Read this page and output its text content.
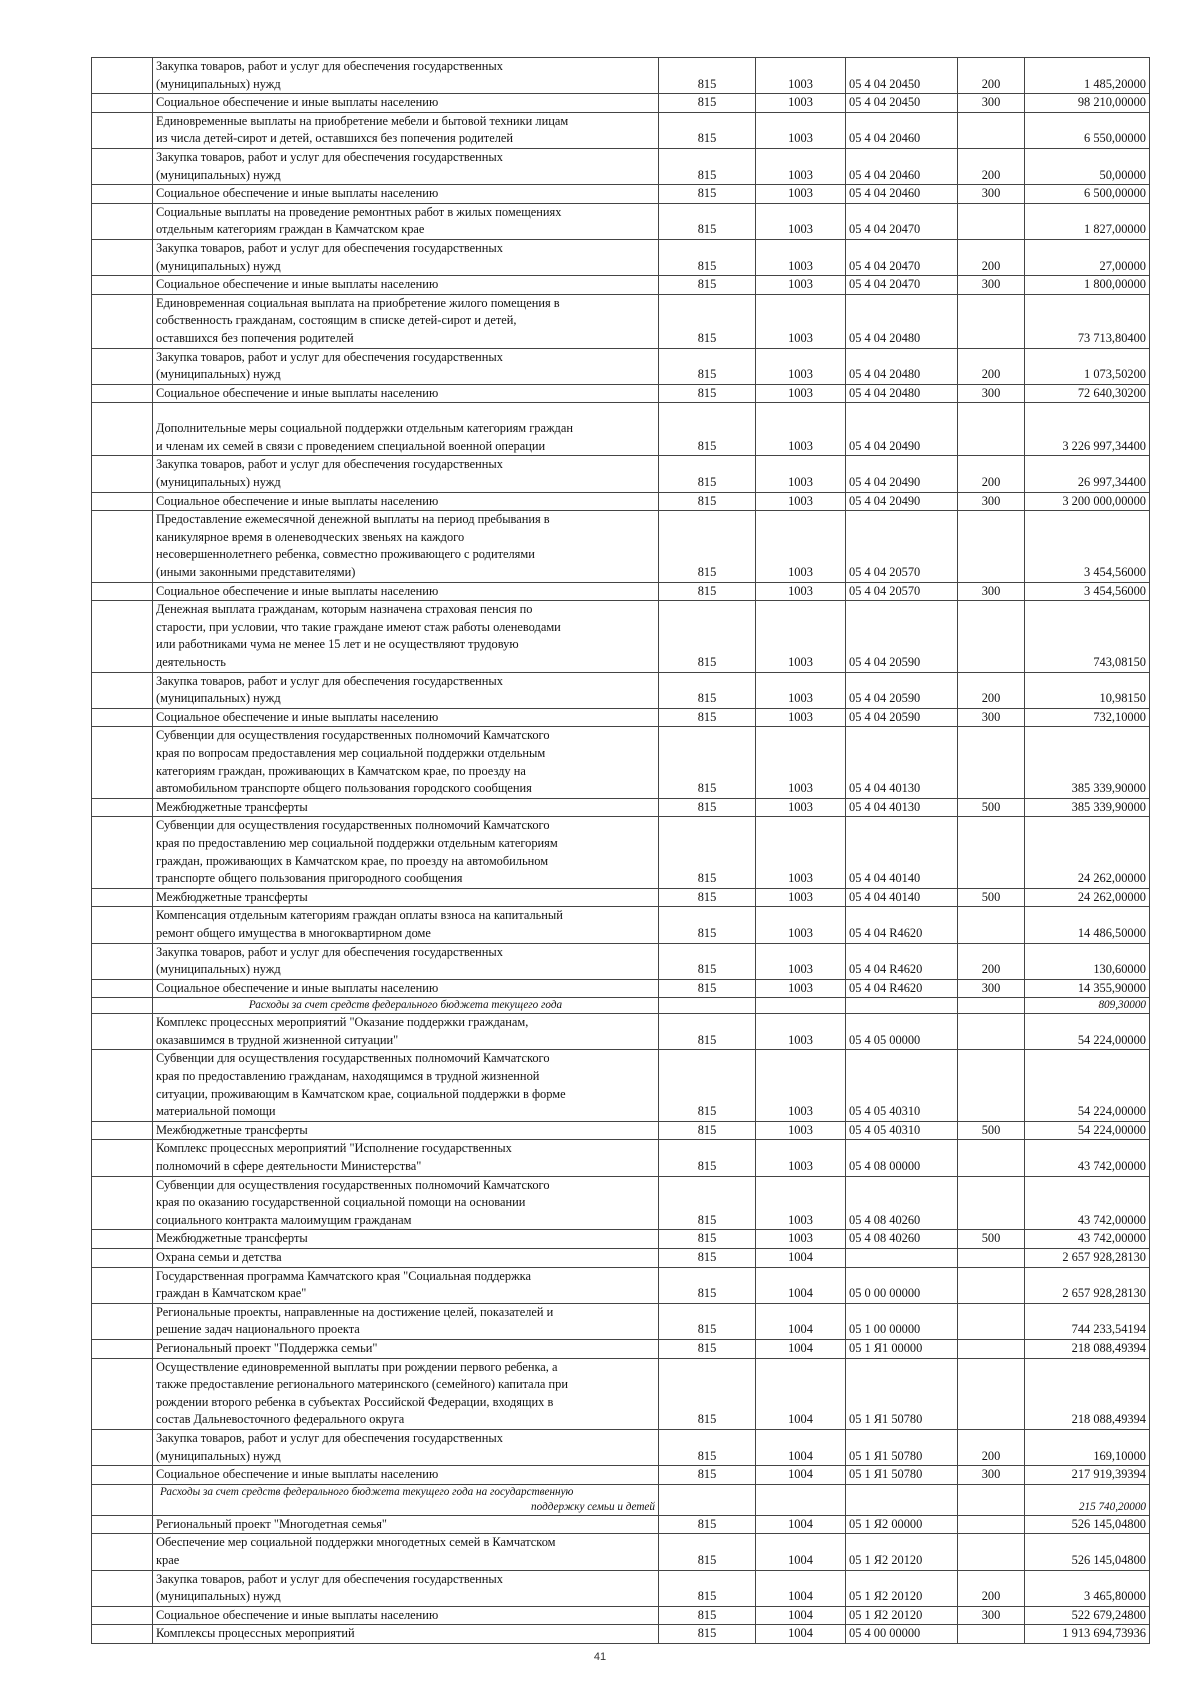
	Закупка товаров, работ и услуг для обеспечения государственных
(муниципальных) нужд	815	1003	05 4 04 20450	200	1 485,20000

	Социальное обеспечение и иные выплаты населению	815	1003	05 4 04 20450	300	98 210,00000

	Единовременные выплаты на приобретение мебели и бытовой техники лицам
из числа детей-сирот и детей, оставшихся без попечения родителей	815	1003	05 4 04 20460		6 550,00000

	Закупка товаров, работ и услуг для обеспечения государственных
(муниципальных) нужд	815	1003	05 4 04 20460	200	50,00000

	Социальное обеспечение и иные выплаты населению	815	1003	05 4 04 20460	300	6 500,00000

	Социальные выплаты на проведение ремонтных работ в жилых помещениях
отдельным категориям граждан в Камчатском крае	815	1003	05 4 04 20470		1 827,00000

	Закупка товаров, работ и услуг для обеспечения государственных
(муниципальных) нужд	815	1003	05 4 04 20470	200	27,00000

	Социальное обеспечение и иные выплаты населению	815	1003	05 4 04 20470	300	1 800,00000

	Единовременная социальная выплата на приобретение жилого помещения в
собственность гражданам, состоящим в списке детей-сирот и детей,
оставшихся без попечения родителей	815	1003	05 4 04 20480		73 713,80400

	Закупка товаров, работ и услуг для обеспечения государственных
(муниципальных) нужд	815	1003	05 4 04 20480	200	1 073,50200

	Социальное обеспечение и иные выплаты населению	815	1003	05 4 04 20480	300	72 640,30200

	Дополнительные меры социальной поддержки отдельным категориям граждан
и членам их семей в связи с проведением специальной военной операции	815	1003	05 4 04 20490		3 226 997,34400

	Закупка товаров, работ и услуг для обеспечения государственных
(муниципальных) нужд	815	1003	05 4 04 20490	200	26 997,34400

	Социальное обеспечение и иные выплаты населению	815	1003	05 4 04 20490	300	3 200 000,00000

	Предоставление ежемесячной денежной выплаты на период пребывания в
каникулярное время в оленеводческих звеньях на каждого
несовершеннолетнего ребенка, совместно проживающего с родителями
(иными законными представителями)	815	1003	05 4 04 20570		3 454,56000

	Социальное обеспечение и иные выплаты населению	815	1003	05 4 04 20570	300	3 454,56000

	Денежная выплата гражданам, которым назначена страховая пенсия по
старости, при условии, что такие граждане имеют стаж работы оленеводами
или работниками чума не менее 15 лет и не осуществляют трудовую
деятельность	815	1003	05 4 04 20590		743,08150

	Закупка товаров, работ и услуг для обеспечения государственных
(муниципальных) нужд	815	1003	05 4 04 20590	200	10,98150

	Социальное обеспечение и иные выплаты населению	815	1003	05 4 04 20590	300	732,10000

	Субвенции для осуществления государственных полномочий Камчатского
края по вопросам предоставления мер социальной поддержки отдельным
категориям граждан, проживающих в Камчатском крае, по проезду на
автомобильном транспорте общего пользования городского сообщения	815	1003	05 4 04 40130		385 339,90000

	Межбюджетные трансферты	815	1003	05 4 04 40130	500	385 339,90000

	Субвенции для осуществления государственных полномочий Камчатского
края по предоставлению мер социальной поддержки отдельным категориям
граждан, проживающих в Камчатском крае, по проезду на автомобильном
транспорте общего пользования пригородного сообщения	815	1003	05 4 04 40140		24 262,00000

	Межбюджетные трансферты	815	1003	05 4 04 40140	500	24 262,00000

	Компенсация отдельным категориям граждан оплаты взноса на капитальный
ремонт общего имущества в многоквартирном доме	815	1003	05 4 04 R4620		14 486,50000

	Закупка товаров, работ и услуг для обеспечения государственных
(муниципальных) нужд	815	1003	05 4 04 R4620	200	130,60000

	Социальное обеспечение и иные выплаты населению	815	1003	05 4 04 R4620	300	14 355,90000

	Расходы за счет средств федерального бюджета текущего года					809,30000

	Комплекс процессных мероприятий "Оказание поддержки гражданам,
оказавшимся в трудной жизненной ситуации"	815	1003	05 4 05 00000		54 224,00000

	Субвенции для осуществления государственных полномочий Камчатского
края по предоставлению гражданам, находящимся в трудной жизненной
ситуации, проживающим в Камчатском крае, социальной поддержки в форме
материальной помощи	815	1003	05 4 05 40310		54 224,00000

	Межбюджетные трансферты	815	1003	05 4 05 40310	500	54 224,00000

	Комплекс процессных мероприятий "Исполнение государственных
полномочий в сфере деятельности Министерства"	815	1003	05 4 08 00000		43 742,00000

	Субвенции для осуществления государственных полномочий Камчатского
края по оказанию государственной социальной помощи на основании
социального контракта малоимущим гражданам	815	1003	05 4 08 40260		43 742,00000

	Межбюджетные трансферты	815	1003	05 4 08 40260	500	43 742,00000

	Охрана семьи и детства	815	1004			2 657 928,28130

	Государственная программа Камчатского края "Социальная поддержка
граждан в Камчатском крае"	815	1004	05 0 00 00000		2 657 928,28130

	Региональные проекты, направленные на достижение целей, показателей и
решение задач национального проекта	815	1004	05 1 00 00000		744 233,54194

	Региональный проект "Поддержка семьи"	815	1004	05 1 Я1 00000		218 088,49394

	Осуществление единовременной выплаты при рождении первого ребенка, а
также предоставление регионального материнского (семейного) капитала при
рождении второго ребенка в субъектах Российской Федерации, входящих в
состав Дальневосточного федерального округа	815	1004	05 1 Я1 50780		218 088,49394

	Закупка товаров, работ и услуг для обеспечения государственных
(муниципальных) нужд	815	1004	05 1 Я1 50780	200	169,10000

	Социальное обеспечение и иные выплаты населению	815	1004	05 1 Я1 50780	300	217 919,39394

	Расходы за счет средств федерального бюджета текущего года на государственную
поддержку семьи и детей					215 740,20000

	Региональный проект "Многодетная семья"	815	1004	05 1 Я2 00000		526 145,04800

	Обеспечение мер социальной поддержки многодетных семей в Камчатском
крае	815	1004	05 1 Я2 20120		526 145,04800

	Закупка товаров, работ и услуг для обеспечения государственных
(муниципальных) нужд	815	1004	05 1 Я2 20120	200	3 465,80000

	Социальное обеспечение и иные выплаты населению	815	1004	05 1 Я2 20120	300	522 679,24800

	Комплексы процессных мероприятий	815	1004	05 4 00 00000		1 913 694,73936
41
